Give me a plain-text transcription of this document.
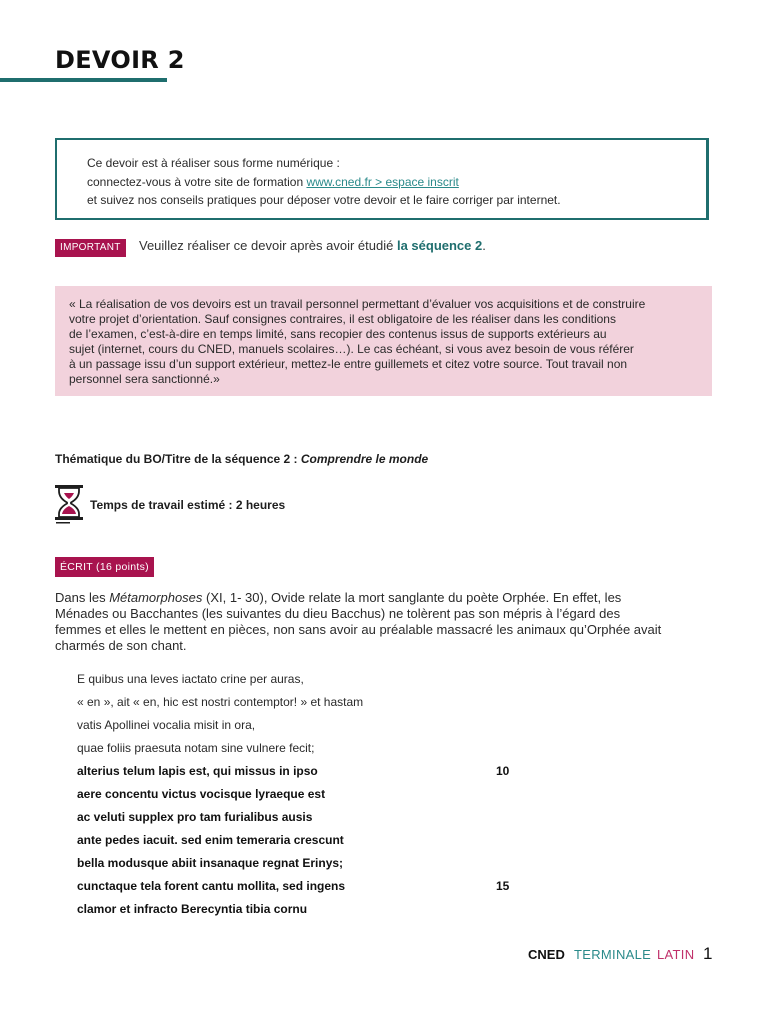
DEVOIR 2
Ce devoir est à réaliser sous forme numérique :
connectez-vous à votre site de formation www.cned.fr > espace inscrit
et suivez nos conseils pratiques pour déposer votre devoir et le faire corriger par internet.
IMPORTANT	Veuillez réaliser ce devoir après avoir étudié la séquence 2.
« La réalisation de vos devoirs est un travail personnel permettant d’évaluer vos acquisitions et de construire
votre projet d’orientation. Sauf consignes contraires, il est obligatoire de les réaliser dans les conditions
de l’examen, c’est-à-dire en temps limité, sans recopier des contenus issus de supports extérieurs au
sujet (internet, cours du CNED, manuels scolaires…). Le cas échéant, si vous avez besoin de vous référer
à un passage issu d’un support extérieur, mettez-le entre guillemets et citez votre source. Tout travail non
personnel sera sanctionné.»
Thématique du BO/Titre de la séquence 2 : Comprendre le monde
Temps de travail estimé : 2 heures
ÉCRIT (16 points)
Dans les Métamorphoses (XI, 1- 30), Ovide relate la mort sanglante du poète Orphée. En effet, les
Ménades ou Bacchantes (les suivantes du dieu Bacchus) ne tolèrent pas son mépris à l’égard des
femmes et elles le mettent en pièces, non sans avoir au préalable massacré les animaux qu’Orphée avait
charmés de son chant.
E quibus una leves iactato crine per auras,
« en », ait « en, hic est nostri contemptor! » et hastam
vatis Apollinei vocalia misit in ora,
quae foliis praesuta notam sine vulnere fecit;
alterius telum lapis est, qui missus in ipso	10
aere concentu victus vocisque lyraeque est
ac veluti supplex pro tam furialibus ausis
ante pedes iacuit. sed enim temeraria crescunt
bella modusque abiit insanaque regnat Erinys;
cunctaque tela forent cantu mollita, sed ingens	15
clamor et infracto Berecyntia tibia cornu
CNED TERMINALE LATIN 1
